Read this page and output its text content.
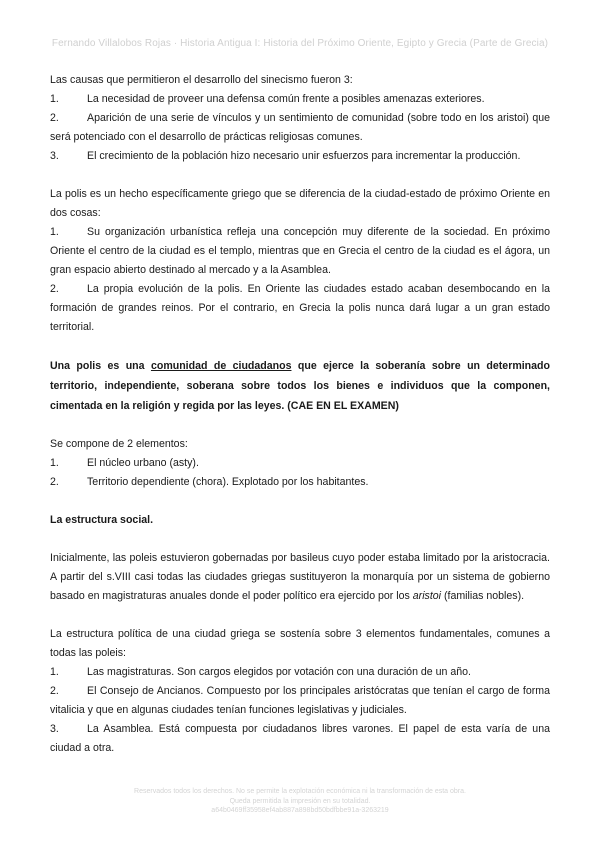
Fernando Villalobos Rojas · Historia Antigua I: Historia del Próximo Oriente, Egipto y Grecia (Parte de Grecia)

Las causas que permitieron el desarrollo del sinecismo fueron 3:

1.	La necesidad de proveer una defensa común frente a posibles amenazas exteriores.

2.	Aparición de una serie de vínculos y un sentimiento de comunidad (sobre todo en los aristoi) que será potenciado con el desarrollo de prácticas religiosas comunes.

3.	El crecimiento de la población hizo necesario unir esfuerzos para incrementar la producción.

La polis es un hecho específicamente griego que se diferencia de la ciudad-estado de próximo Oriente en dos cosas:

1.	Su organización urbanística refleja una concepción muy diferente de la sociedad. En próximo Oriente el centro de la ciudad es el templo, mientras que en Grecia el centro de la ciudad es el ágora, un gran espacio abierto destinado al mercado y a la Asamblea.

2.	La propia evolución de la polis. En Oriente las ciudades estado acaban desembocando en la formación de grandes reinos. Por el contrario, en Grecia la polis nunca dará lugar a un gran estado territorial.

Una polis es una comunidad de ciudadanos que ejerce la soberanía sobre un determinado territorio, independiente, soberana sobre todos los bienes e individuos que la componen, cimentada en la religión y regida por las leyes. (CAE EN EL EXAMEN)

Se compone de 2 elementos:

1.	El núcleo urbano (asty).

2.	Territorio dependiente (chora). Explotado por los habitantes.

La estructura social.

Inicialmente, las poleis estuvieron gobernadas por basileus cuyo poder estaba limitado por la aristocracia. A partir del s.VIII casi todas las ciudades griegas sustituyeron la monarquía por un sistema de gobierno basado en magistraturas anuales donde el poder político era ejercido por los aristoi (familias nobles).

La estructura política de una ciudad griega se sostenía sobre 3 elementos fundamentales, comunes a todas las poleis:

1.	Las magistraturas. Son cargos elegidos por votación con una duración de un año.

2.	El Consejo de Ancianos. Compuesto por los principales aristócratas que tenían el cargo de forma vitalicia y que en algunas ciudades tenían funciones legislativas y judiciales.

3.	La Asamblea. Está compuesta por ciudadanos libres varones. El papel de esta varía de una ciudad a otra.

Reservados todos los derechos. No se permite la explotación económica ni la transformación de esta obra.
Queda permitida la impresión en su totalidad.
a64b0469ff35958ef4ab887a898bd50bdfbbe91a-3263219
